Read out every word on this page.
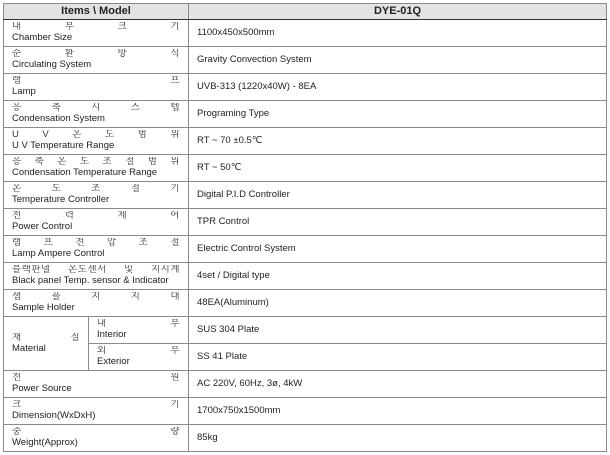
Items \ Model		DYE-01Q

내 부 크 기
Chamber Size		1100x450x500mm

순 환 방 식
Circulating System		Gravity Convection System

램 프
Lamp		UVB-313 (1220x40W) - 8EA

응 축 시 스 템
Condensation System		Programing Type

U V 온 도 범 위
U V Temperature Range		RT ~ 70 ±0.5℃

응 축 온 도 조 절 범 위
Condensation Temperature Range		RT ~ 50℃

온 도 조 절 기
Temperature Controller		Digital P.I.D Controller

전 력 제 어
Power Control		TPR Control

램 프 전 압 조 절
Lamp Ampere Control		Electric Control System

블랙판넬 온도센서 및 지시계
Black panel Temp. sensor & Indicator		4set / Digital type

샘 플 지 지 대
Sample Holder		48EA(Aluminum)

재 질
Material	내 부
Interior	SUS 304 Plate

	외 부
Exterior	SS 41 Plate

전 원
Power Source		AC 220V, 60Hz, 3ø, 4kW

크 기
Dimension(WxDxH)		1700x750x1500mm

중 량
Weight(Approx)		85kg
